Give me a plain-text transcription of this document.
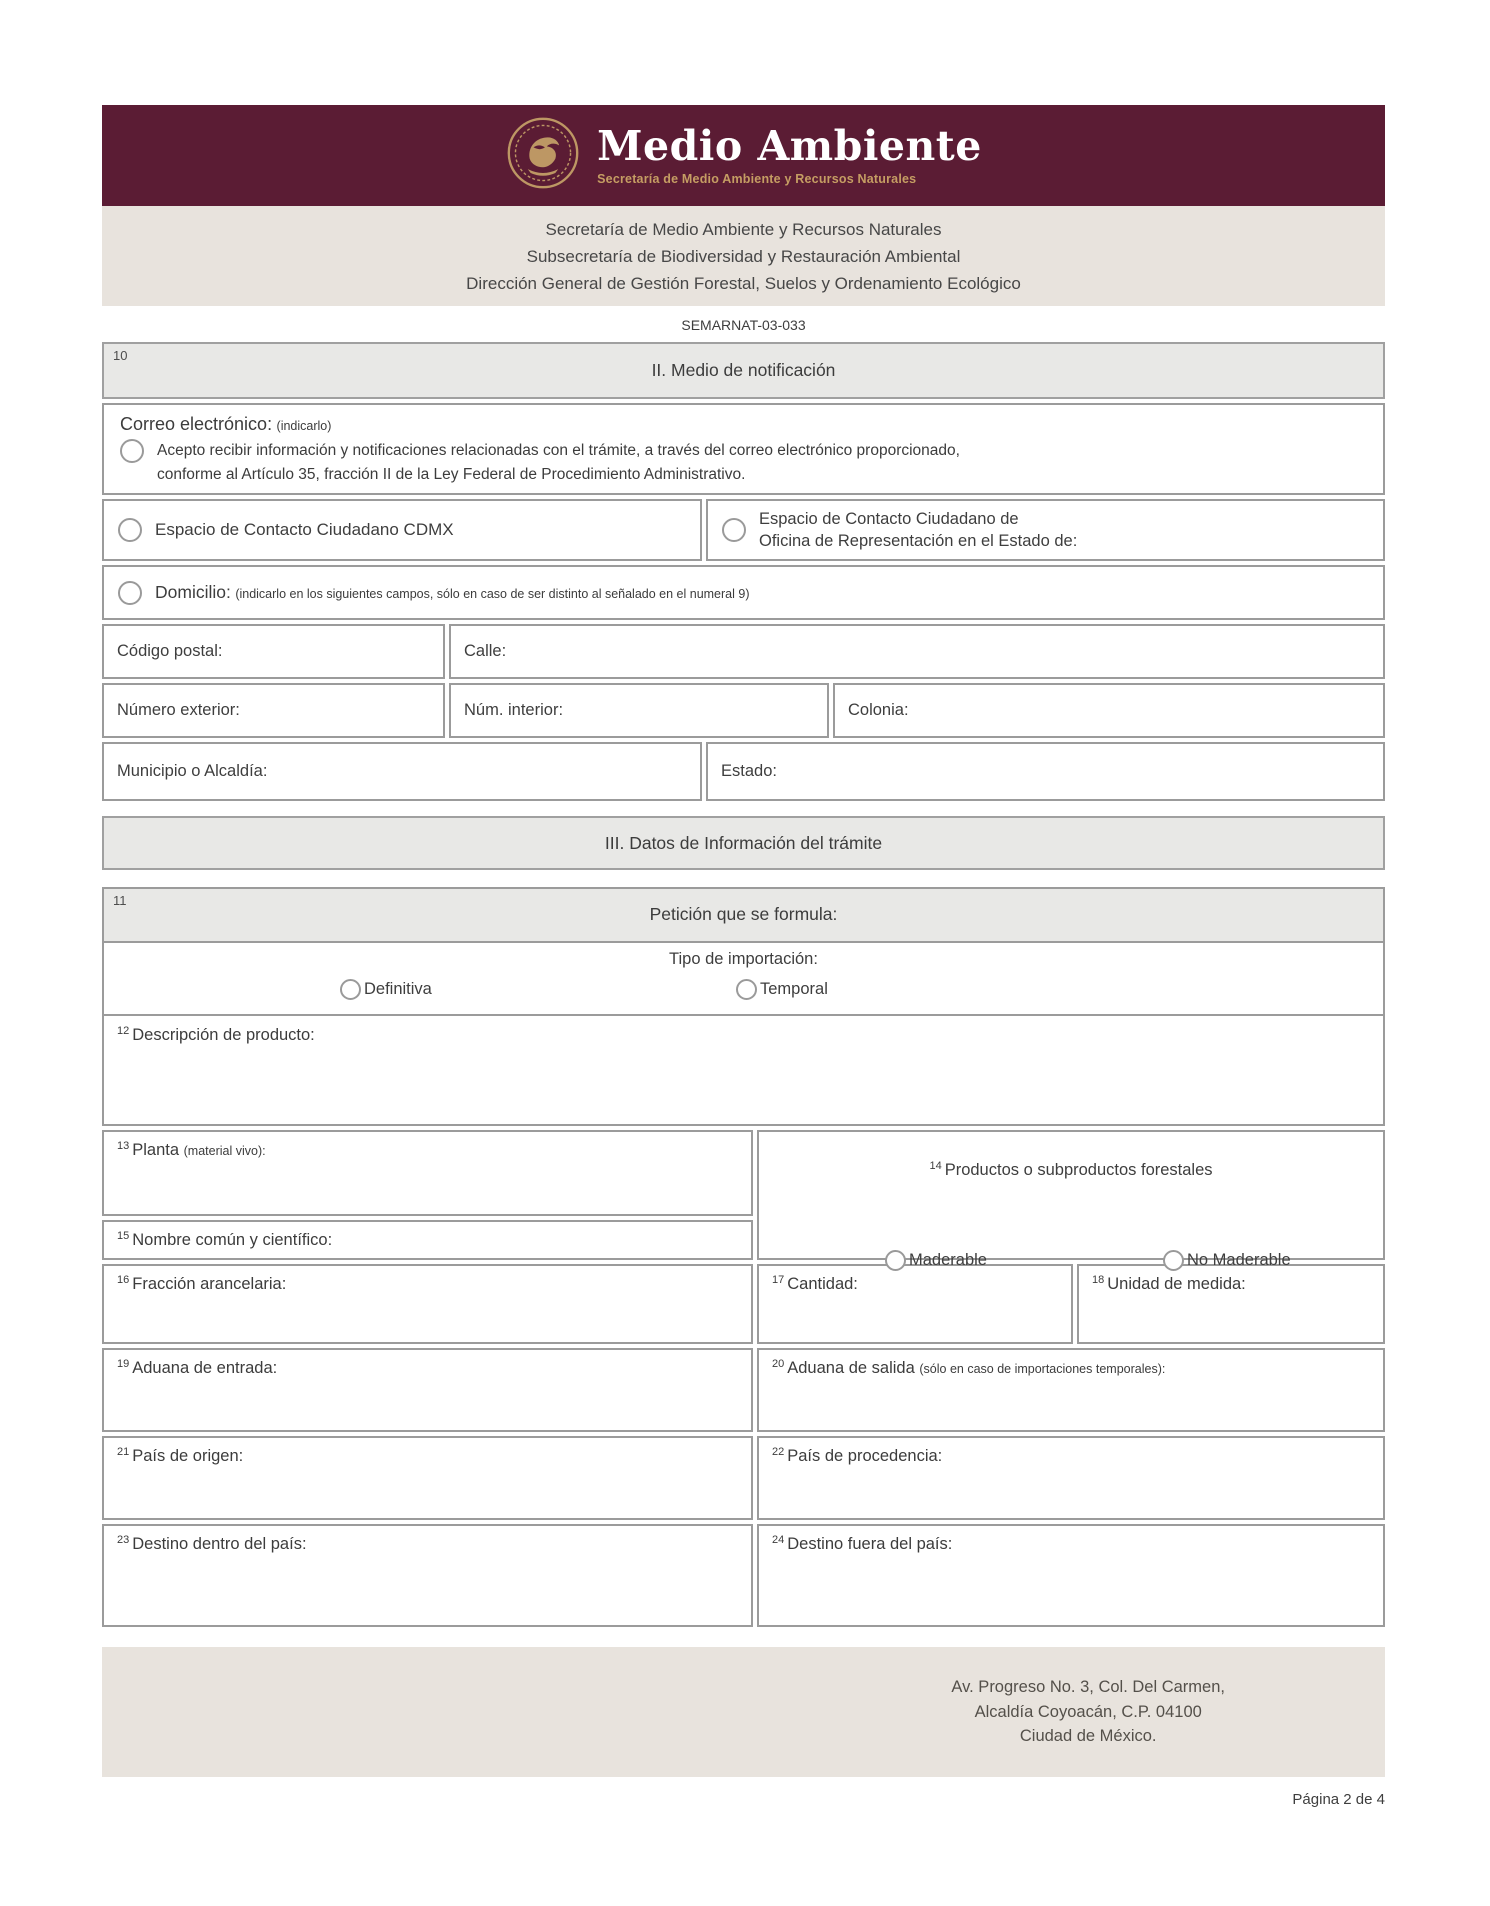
Medio Ambiente
Secretaría de Medio Ambiente y Recursos Naturales
Secretaría de Medio Ambiente y Recursos Naturales
Subsecretaría de Biodiversidad y Restauración Ambiental
Dirección General de Gestión Forestal, Suelos y Ordenamiento Ecológico
SEMARNAT-03-033
10
II. Medio de notificación
Correo electrónico: (indicarlo)
Acepto recibir información y notificaciones relacionadas con el trámite, a través del correo electrónico proporcionado,
conforme al Artículo 35, fracción II de la Ley Federal de Procedimiento Administrativo.
Espacio de Contacto Ciudadano CDMX
Espacio de Contacto Ciudadano de
Oficina de Representación en el Estado de:
Domicilio: (indicarlo en los siguientes campos, sólo en caso de ser distinto al señalado en el numeral 9)
Código postal:	Calle:
Número exterior:	Núm. interior:	Colonia:
Municipio o Alcaldía:	Estado:
III. Datos de Información del trámite
11
Petición que se formula:
Tipo de importación:
Definitiva	Temporal
$^{12}$ Descripción de producto:
$^{13}$ Planta (material vivo):
$^{15}$ Nombre común y científico:
$^{14}$ Productos o subproductos forestales
Maderable	No Maderable
$^{16}$ Fracción arancelaria:	$^{17}$ Cantidad:	$^{18}$ Unidad de medida:
$^{19}$ Aduana de entrada:	$^{20}$ Aduana de salida (sólo en caso de importaciones temporales):
$^{21}$ País de origen:	$^{22}$ País de procedencia:
$^{23}$ Destino dentro del país:	$^{24}$ Destino fuera del país:
Av. Progreso No. 3, Col. Del Carmen,
Alcaldía Coyoacán, C.P. 04100
Ciudad de México.
Página 2 de 4
